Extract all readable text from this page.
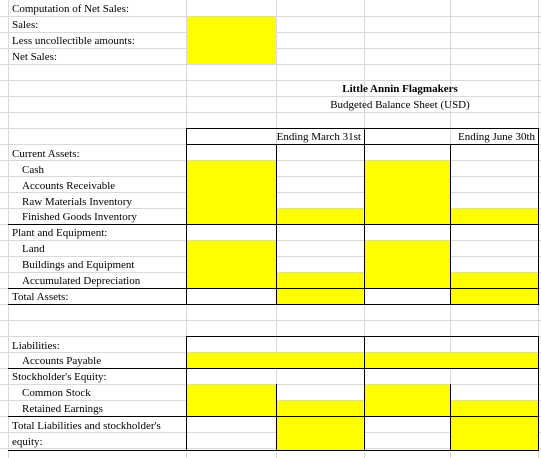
Computation of Net Sales:
Sales:
Less uncollectible amounts:
Net Sales:
Little Annin Flagmakers
Budgeted Balance Sheet (USD)
Ending March 31st	Ending June 30th
Current Assets:
Cash
Accounts Receivable
Raw Materials Inventory
Finished Goods Inventory
Plant and Equipment:
Land
Buildings and Equipment
Accumulated Depreciation
Total Assets:
Liabilities:
Accounts Payable
Stockholder's Equity:
Common Stock
Retained Earnings
Total Liabilities and stockholder's
equity:
